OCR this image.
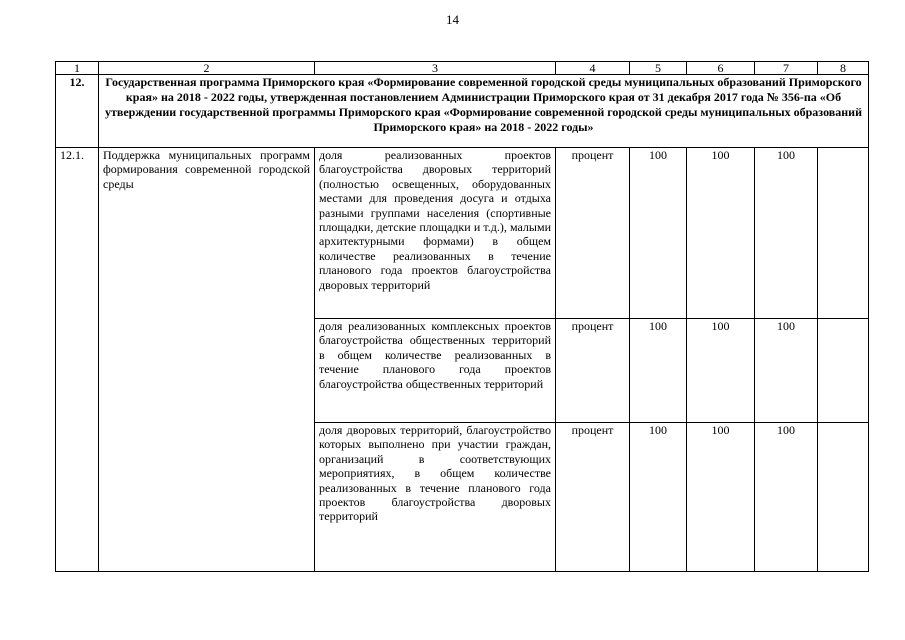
14
1	2	3	4	5	6	7	8
12.	Государственная программа Приморского края «Формирование современной городской среды муниципальных образований Приморского края» на 2018 - 2022 годы, утвержденная постановлением Администрации Приморского края от 31 декабря 2017 года № 356-па «Об утверждении государственной программы Приморского края «Формирование современной городской среды муниципальных образований Приморского края» на 2018 - 2022 годы»						
12.1.	Поддержка муниципальных программ формирования современной городской среды	доля реализованных проектов благоустройства дворовых территорий (полностью освещенных, оборудованных местами для проведения досуга и отдыха разными группами населения (спортивные площадки, детские площадки и т.д.), малыми архитектурными формами) в общем количестве реализованных в течение планового года проектов благоустройства дворовых территорий	процент	100	100	100	
		доля реализованных комплексных проектов благоустройства общественных территорий в общем количестве реализованных в течение планового года проектов благоустройства общественных территорий	процент	100	100	100	
		доля дворовых территорий, благоустройство которых выполнено при участии граждан, организаций в соответствующих мероприятиях, в общем количестве реализованных в течение планового года проектов благоустройства дворовых территорий	процент	100	100	100	
